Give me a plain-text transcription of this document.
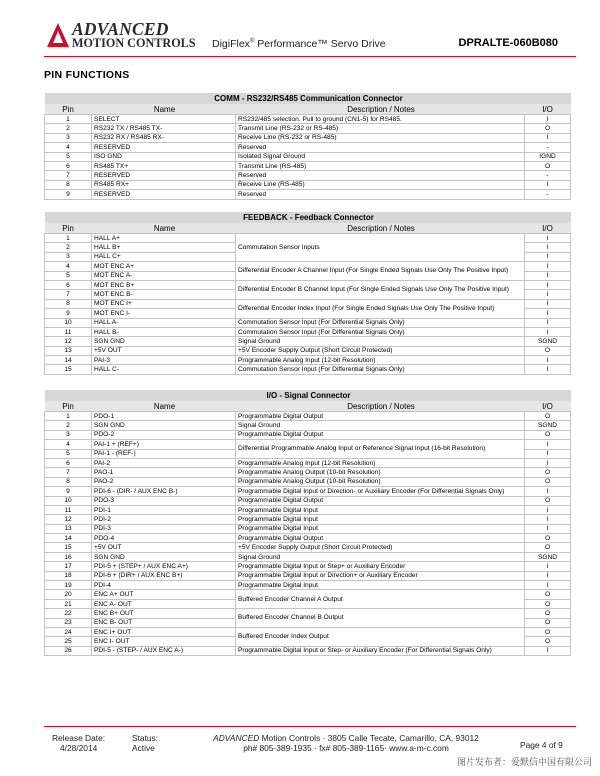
ADVANCED
MOTION CONTROLS DigiFlex® Performance™ Servo Drive	DPRALTE-060B080
PIN FUNCTIONS
COMM - RS232/RS485 Communication Connector			
Pin	Name	Description / Notes	I/O
1	SELECT	RS232/485 selection. Pull to ground (CN1-5) for RS485.	I
2	RS232 TX / RS485 TX-	Transmit Line (RS-232 or RS-485)	O
3	RS232 RX / RS485 RX-	Receive Line (RS-232 or RS-485)	I
4	RESERVED	Reserved	-
5	ISO GND	Isolated Signal Ground	IGND
6	RS485 TX+	Transmit Line (RS-485)	O
7	RESERVED	Reserved	-
8	RS485 RX+	Receive Line (RS-485)	I
9	RESERVED	Reserved	-
FEEDBACK - Feedback Connector			
Pin	Name	Description / Notes	I/O
1	HALL A+	Commutation Sensor Inputs	I
2	HALL B+		I
3	HALL C+		I
4	MOT ENC A+	Differential Encoder A Channel Input (For Single Ended Signals Use Only The Positive Input)	I
5	MOT ENC A-		I
6	MOT ENC B+	Differential Encoder B Channel Input (For Single Ended Signals Use Only The Positive Input)	I
7	MOT ENC B-		I
8	MOT ENC I+	Differential Encoder Index Input (For Single Ended Signals Use Only The Positive Input)	I
9	MOT ENC I-		I
10	HALL A-	Commutation Sensor Input (For Differential Signals Only)	I
11	HALL B-	Commutation Sensor Input (For Differential Signals Only)	I
12	SGN GND	Signal Ground	SGND
13	+5V OUT	+5V Encoder Supply Output (Short Circuit Protected)	O
14	PAI-3	Programmable Analog Input (12-bit Resolution)	I
15	HALL C-	Commutation Sensor Input (For Differential Signals Only)	I
I/O - Signal Connector			
Pin	Name	Description / Notes	I/O
1	PDO-1	Programmable Digital Output	O
2	SGN GND	Signal Ground	SGND
3	PDO-2	Programmable Digital Output	O
4	PAI-1 + (REF+)	Differential Programmable Analog Input or Reference Signal Input (16-bit Resolution)	I
5	PAI-1 - (REF-)		I
6	PAI-2	Programmable Analog Input (12-bit Resolution)	I
7	PAO-1	Programmable Analog Output (10-bit Resolution)	O
8	PAO-2	Programmable Analog Output (10-bit Resolution)	O
9	PDI-6 - (DIR- / AUX ENC B-)	Programmable Digital Input or Direction- or Auxiliary Encoder (For Differential Signals Only)	I
10	PDO-3	Programmable Digital Output	O
11	PDI-1	Programmable Digital Input	I
12	PDI-2	Programmable Digital Input	I
13	PDI-3	Programmable Digital Input	I
14	PDO-4	Programmable Digital Output	O
15	+5V OUT	+5V Encoder Supply Output (Short Circuit Protected)	O
16	SGN GND	Signal Ground	SGND
17	PDI-5 + (STEP+ / AUX ENC A+)	Programmable Digital Input or Step+ or Auxiliary Encoder	I
18	PDI-6 + (DIR+ / AUX ENC B+)	Programmable Digital Input or Direction+ or Auxiliary Encoder	I
19	PDI-4	Programmable Digital Input	I
20	ENC A+ OUT	Buffered Encoder Channel A Output	O
21	ENC A- OUT		O
22	ENC B+ OUT	Buffered Encoder Channel B Output	O
23	ENC B- OUT		O
24	ENC I+ OUT	Buffered Encoder Index Output	O
25	ENC I- OUT		O
26	PDI-5 - (STEP- / AUX ENC A-)	Programmable Digital Input or Step- or Auxiliary Encoder (For Differential Signals Only)	I
Release Date:
4/28/2014
Status:
Active
ADVANCED Motion Controls · 3805 Calle Tecate, Camarillo, CA, 93012
ph# 805-389-1935 · fx# 805-389-1165· www.a-m-c.com	Page 4 of 9
图片发布者：爱默信中国有限公司
